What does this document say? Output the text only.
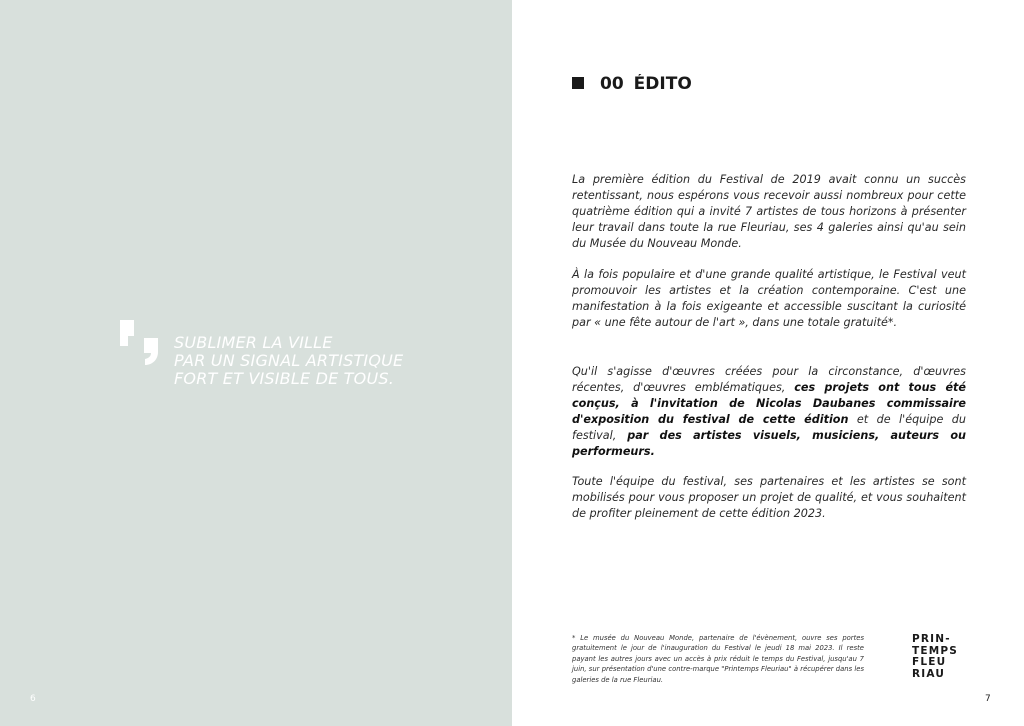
SUBLIMER LA VILLE
PAR UN SIGNAL ARTISTIQUE
FORT ET VISIBLE DE TOUS.
6
00 ÉDITO
La première édition du Festival de 2019 avait connu un succès retentissant, nous espérons vous recevoir aussi nombreux pour cette quatrième édition qui a invité 7 artistes de tous horizons à présenter leur travail dans toute la rue Fleuriau, ses 4 galeries ainsi qu'au sein du Musée du Nouveau Monde.
À la fois populaire et d'une grande qualité artistique, le Festival veut promouvoir les artistes et la création contemporaine. C'est une manifestation à la fois exigeante et accessible suscitant la curiosité par « une fête autour de l'art », dans une totale gratuité*.
Qu'il s'agisse d'œuvres créées pour la circonstance, d'œuvres récentes, d'œuvres emblématiques, ces projets ont tous été conçus, à l'invitation de Nicolas Daubanes commissaire d'exposition du festival de cette édition et de l'équipe du festival, par des artistes visuels, musiciens, auteurs ou performeurs.
Toute l'équipe du festival, ses partenaires et les artistes se sont mobilisés pour vous proposer un projet de qualité, et vous souhaitent de profiter pleinement de cette édition 2023.
* Le musée du Nouveau Monde, partenaire de l'évènement, ouvre ses portes gratuitement le jour de l'inauguration du Festival le jeudi 18 mai 2023. Il reste payant les autres jours avec un accès à prix réduit le temps du Festival, jusqu'au 7 juin, sur présentation d'une contre-marque "Printemps Fleuriau" à récupérer dans les galeries de la rue Fleuriau.
PRIN-
TEMPS
FLEU
RIAU
7
